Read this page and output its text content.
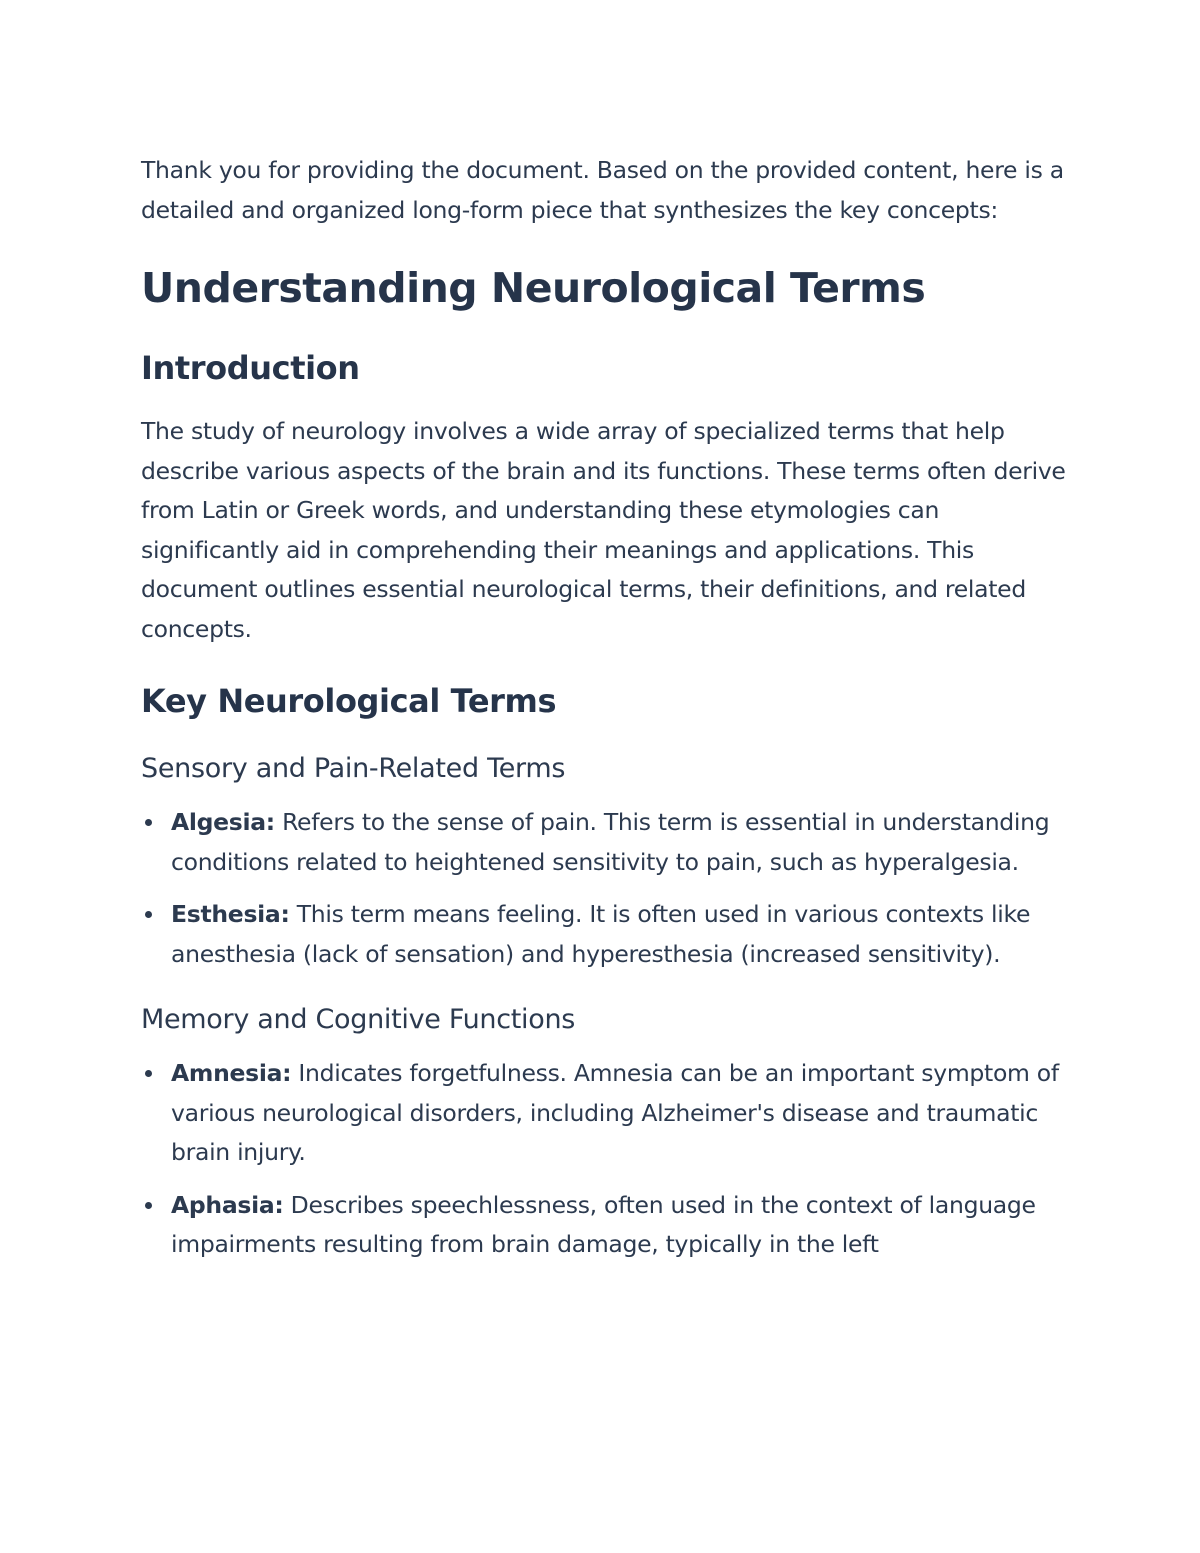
Thank you for providing the document. Based on the provided content, here is a detailed and organized long-form piece that synthesizes the key concepts:

Understanding Neurological Terms
Introduction

The study of neurology involves a wide array of specialized terms that help describe various aspects of the brain and its functions. These terms often derive from Latin or Greek words, and understanding these etymologies can significantly aid in comprehending their meanings and applications. This document outlines essential neurological terms, their definitions, and related concepts.

Key Neurological Terms
Sensory and Pain-Related Terms
Algesia: Refers to the sense of pain. This term is essential in understanding conditions related to heightened sensitivity to pain, such as hyperalgesia.
Esthesia: This term means feeling. It is often used in various contexts like anesthesia (lack of sensation) and hyperesthesia (increased sensitivity).
Memory and Cognitive Functions
Amnesia: Indicates forgetfulness. Amnesia can be an important symptom of various neurological disorders, including Alzheimer's disease and traumatic brain injury.
Aphasia: Describes speechlessness, often used in the context of language impairments resulting from brain damage, typically in the left
